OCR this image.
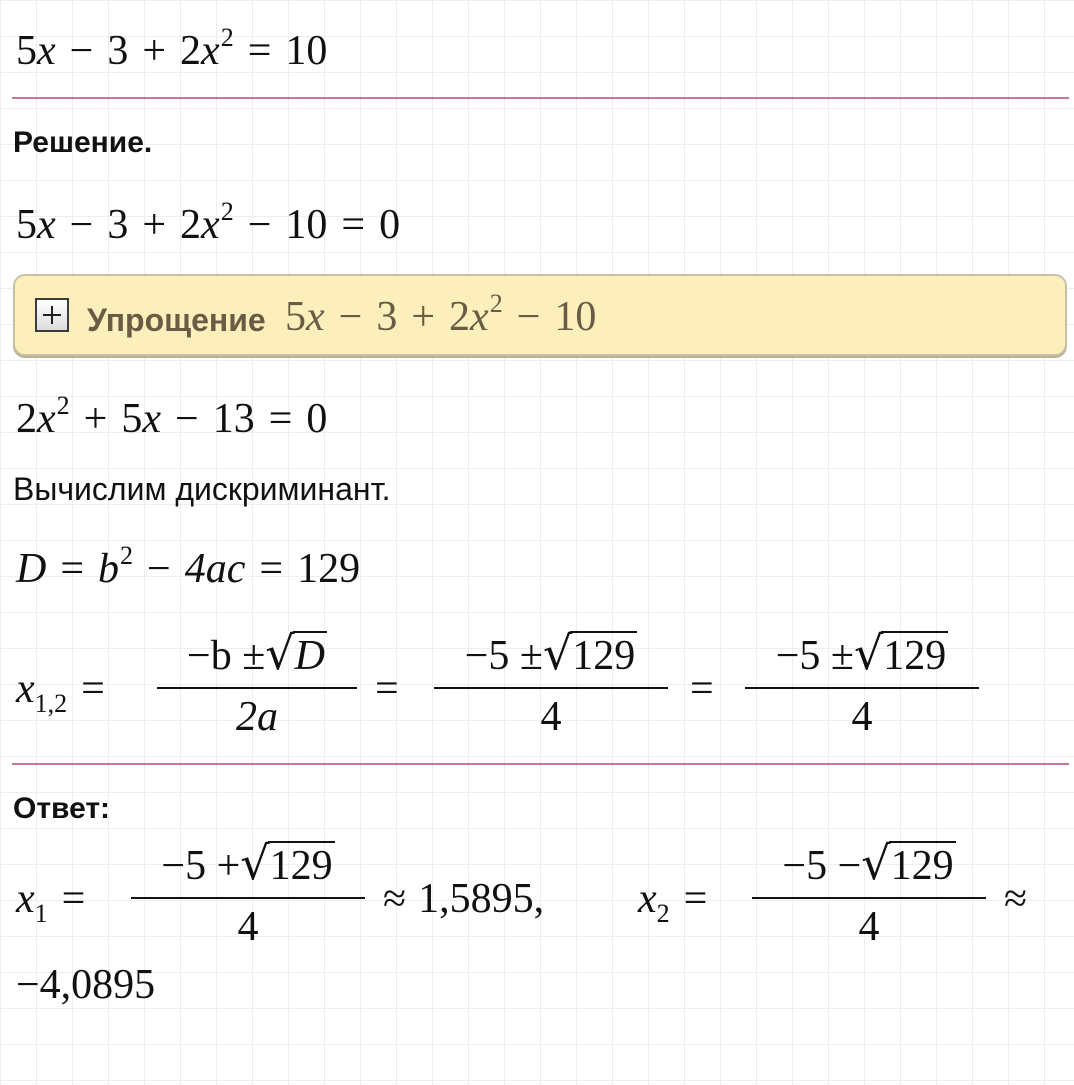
$5x - 3 + 2x^2 = 10$
Решение.
$5x - 3 + 2x^2 - 10 = 0$
Упрощение $5x - 3 + 2x^2 - 10$
$2x^2 + 5x - 13 = 0$
Вычислим дискриминант.
$D = b^2 - 4ac = 129$
$x_{1,2}$ =
−b ±√D
2a
=
−5 ±√129
4
=
−5 ±√129
4
Ответ:
$x_1$ =
−5 +√129
4
≈ 1,5895, $x_2$ =
−5 −√129
4
≈
−4,0895
